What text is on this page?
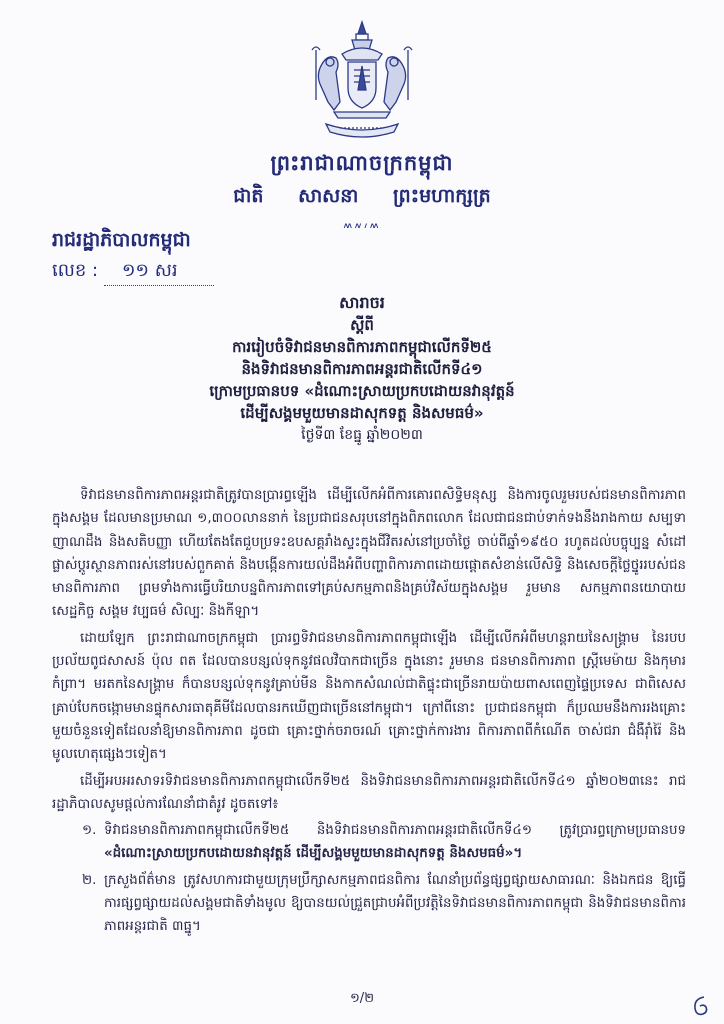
ព្រះរាជាណាចក្រកម្ពុជា
ជាតិ សាសនា ព្រះមហាក្សត្រ
៳៷៸៳
រាជរដ្ឋាភិបាលកម្ពុជា
លេខ : ១១ សរ
សារាចរ
ស្តីពី
ការរៀបចំទិវាជនមានពិការភាពកម្ពុជាលើកទី២៥
និងទិវាជនមានពិការភាពអន្តរជាតិលើកទី៤១
ក្រោមប្រធានបទ «ដំណោះស្រាយប្រកបដោយនវានុវត្តន៍
ដើម្បីសង្គមមួយមានដាសុកទត្ត និងសមធម៌»
ថ្ងៃទី៣ ខែធ្នូ ឆ្នាំ២០២៣

ទិវាជនមានពិការភាពអន្តរជាតិត្រូវបានប្រារព្ធឡើង ដើម្បីលើកអំពីការគោរពសិទ្ធិមនុស្ស និងការចូលរួមរបស់ជនមានពិការភាពក្នុងសង្គម ដែលមានប្រមាណ ១,៣០០លាននាក់ នៃប្រជាជនសរុបនៅក្នុងពិភពលោក ដែលជាជនជាប់ទាក់ទងនឹងរាងកាយ សម្បទា ញាណដឹង និងសតិបញ្ញា ហើយតែងតែជួបប្រទះឧបសគ្គរាំងស្ទះក្នុងជីវិតរស់នៅប្រចាំថ្ងៃ ចាប់ពីឆ្នាំ១៩៥០ រហូតដល់បច្ចុប្បន្ន សំដៅផ្លាស់ប្តូរស្ថានភាពរស់នៅរបស់ពួកគាត់ និងបង្កើនការយល់ដឹងអំពីបញ្ហាពិការភាពដោយផ្តោតសំខាន់លើសិទ្ធិ និងសេចក្តីថ្លៃថ្នូររបស់ជនមានពិការភាព ព្រមទាំងការធ្វើបរិយាបន្នពិការភាពទៅគ្រប់សកម្មភាពនិងគ្រប់វិស័យក្នុងសង្គម រួមមាន សកម្មភាពនយោបាយ សេដ្ឋកិច្ច សង្គម វប្បធម៌ សិល្បៈ និងកីឡា។

ដោយឡែក ព្រះរាជាណាចក្រកម្ពុជា ប្រារព្ធទិវាជនមានពិការភាពកម្ពុជាឡើង ដើម្បីលើកអំពីមហន្តរាយនៃសង្គ្រាម នៃរបបប្រល័យពូជសាសន៍ ប៉ុល ពត ដែលបានបន្សល់ទុកនូវផលវិបាកជាច្រើន ក្នុងនោះ រួមមាន ជនមានពិការភាព ស្ត្រីមេម៉ាយ និងកុមារកំព្រា។ មរតកនៃសង្គ្រាម ក៏បានបន្សល់ទុកនូវគ្រាប់មីន និងកាកសំណល់ជាតិផ្ទុះជាច្រើនរាយប៉ាយពាសពេញផ្ទៃប្រទេស ជាពិសេសគ្រាប់បែកចង្កោមមានផ្ទុកសារធាតុគីមីដែលបានរកឃើញជាច្រើននៅកម្ពុជា។ ក្រៅពីនោះ ប្រជាជនកម្ពុជា ក៏ប្រឈមនឹងការរងគ្រោះមួយចំនួនទៀតដែលនាំឱ្យមានពិការភាព ដូចជា គ្រោះថ្នាក់ចរាចរណ៍ គ្រោះថ្នាក់ការងារ ពិការភាពពីកំណើត ចាស់ជរា ជំងឺរ៉ាំរ៉ៃ និងមូលហេតុផ្សេងៗទៀត។

ដើម្បីអបអរសាទរទិវាជនមានពិការភាពកម្ពុជាលើកទី២៥ និងទិវាជនមានពិការភាពអន្តរជាតិលើកទី៤១ ឆ្នាំ២០២៣នេះ រាជរដ្ឋាភិបាលសូមផ្តល់ការណែនាំជាតំរូវ ដូចតទៅ៖

១. ទិវាជនមានពិការភាពកម្ពុជាលើកទី២៥ និងទិវាជនមានពិការភាពអន្តរជាតិលើកទី៤១ ត្រូវប្រារព្ធក្រោមប្រធានបទ «ដំណោះស្រាយប្រកបដោយនវានុវត្តន៍ ដើម្បីសង្គមមួយមានដាសុកទត្ត និងសមធម៌»។
២. ក្រសួងព័ត៌មាន ត្រូវសហការជាមួយក្រុមប្រឹក្សាសកម្មភាពជនពិការ ណែនាំប្រព័ន្ធផ្សព្វផ្សាយសាធារណៈ និងឯកជន ឱ្យធ្វើការផ្សព្វផ្សាយដល់សង្គមជាតិទាំងមូល ឱ្យបានយល់ជ្រួតជ្រាបអំពីប្រវត្តិនៃទិវាជនមានពិការភាពកម្ពុជា និងទិវាជនមានពិការភាពអន្តរជាតិ ៣ធ្នូ។
១/២
